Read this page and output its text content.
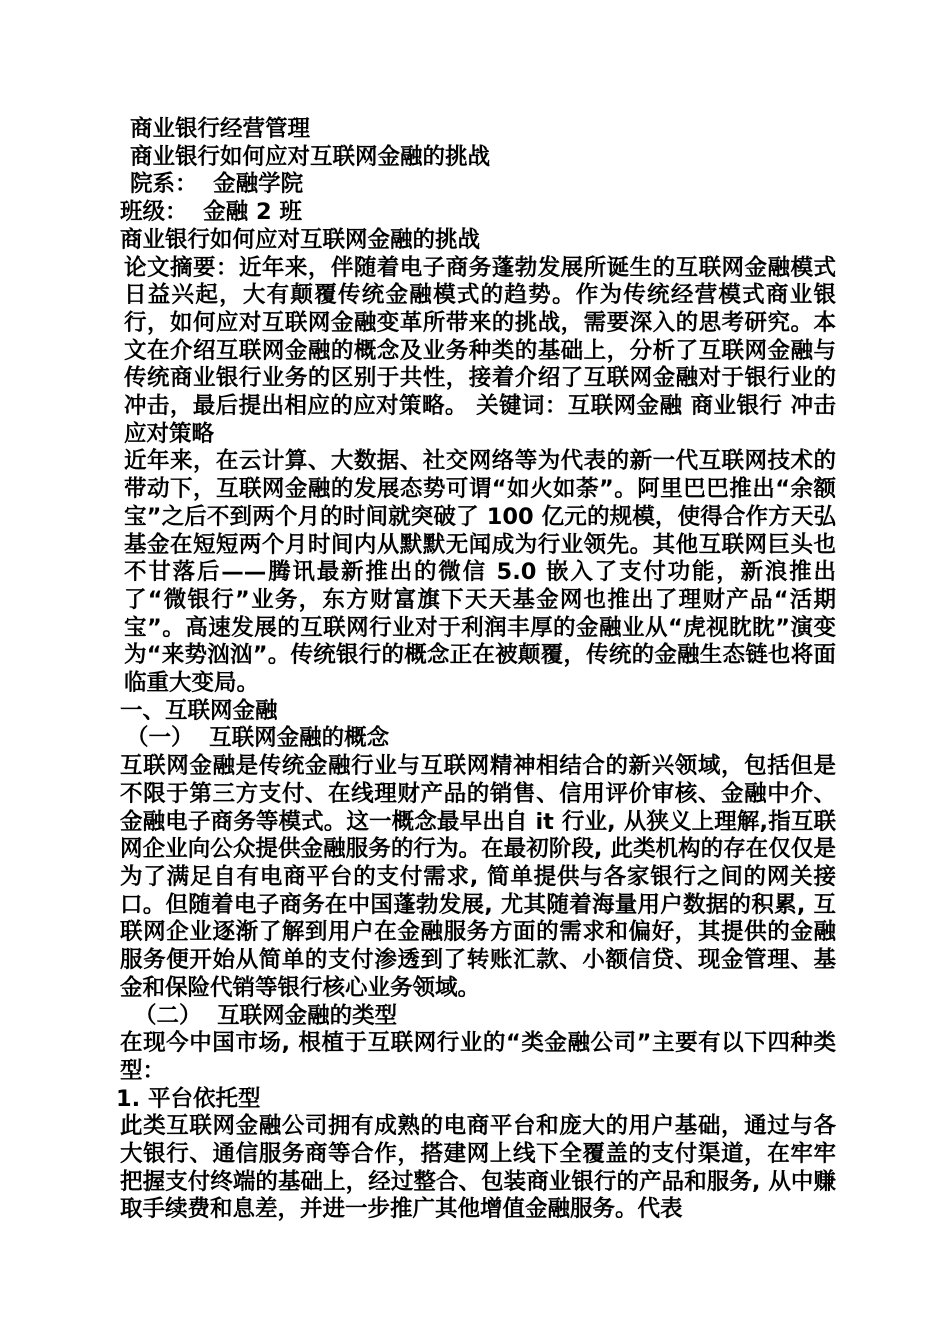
商业银行经营管理
商业银行如何应对互联网金融的挑战
院系：  金融学院
班级：  金融 2 班
商业银行如何应对互联网金融的挑战

论文摘要：近年来，伴随着电子商务蓬勃发展所诞生的互联网金融模式日益兴起，大有颠覆传统金融模式的趋势。作为传统经营模式商业银行，如何应对互联网金融变革所带来的挑战，需要深入的思考研究。本文在介绍互联网金融的概念及业务种类的基础上，分析了互联网金融与传统商业银行业务的区别于共性，接着介绍了互联网金融对于银行业的冲击，最后提出相应的应对策略。 关键词：互联网金融 商业银行 冲击应对策略

近年来，在云计算、大数据、社交网络等为代表的新一代互联网技术的带动下，互联网金融的发展态势可谓“如火如荼”。阿里巴巴推出“余额宝”之后不到两个月的时间就突破了 100 亿元的规模，使得合作方天弘基金在短短两个月时间内从默默无闻成为行业领先。其他互联网巨头也不甘落后——腾讯最新推出的微信 5.0 嵌入了支付功能，新浪推出了“微银行”业务，东方财富旗下天天基金网也推出了理财产品“活期宝”。高速发展的互联网行业对于利润丰厚的金融业从“虎视眈眈”演变为“来势汹汹”。传统银行的概念正在被颠覆，传统的金融生态链也将面临重大变局。

一、互联网金融
（一）  互联网金融的概念

互联网金融是传统金融行业与互联网精神相结合的新兴领域，包括但是不限于第三方支付、在线理财产品的销售、信用评价审核、金融中介、金融电子商务等模式。这一概念最早出自 it 行业, 从狭义上理解,指互联网企业向公众提供金融服务的行为。在最初阶段, 此类机构的存在仅仅是为了满足自有电商平台的支付需求, 简单提供与各家银行之间的网关接口。但随着电子商务在中国蓬勃发展, 尤其随着海量用户数据的积累, 互联网企业逐渐了解到用户在金融服务方面的需求和偏好，其提供的金融服务便开始从简单的支付渗透到了转账汇款、小额信贷、现金管理、基金和保险代销等银行核心业务领域。

（二）  互联网金融的类型

在现今中国市场, 根植于互联网行业的“类金融公司”主要有以下四种类型：

1. 平台依托型

此类互联网金融公司拥有成熟的电商平台和庞大的用户基础，通过与各大银行、通信服务商等合作，搭建网上线下全覆盖的支付渠道，在牢牢把握支付终端的基础上，经过整合、包装商业银行的产品和服务, 从中赚取手续费和息差，并进一步推广其他增值金融服务。代表
